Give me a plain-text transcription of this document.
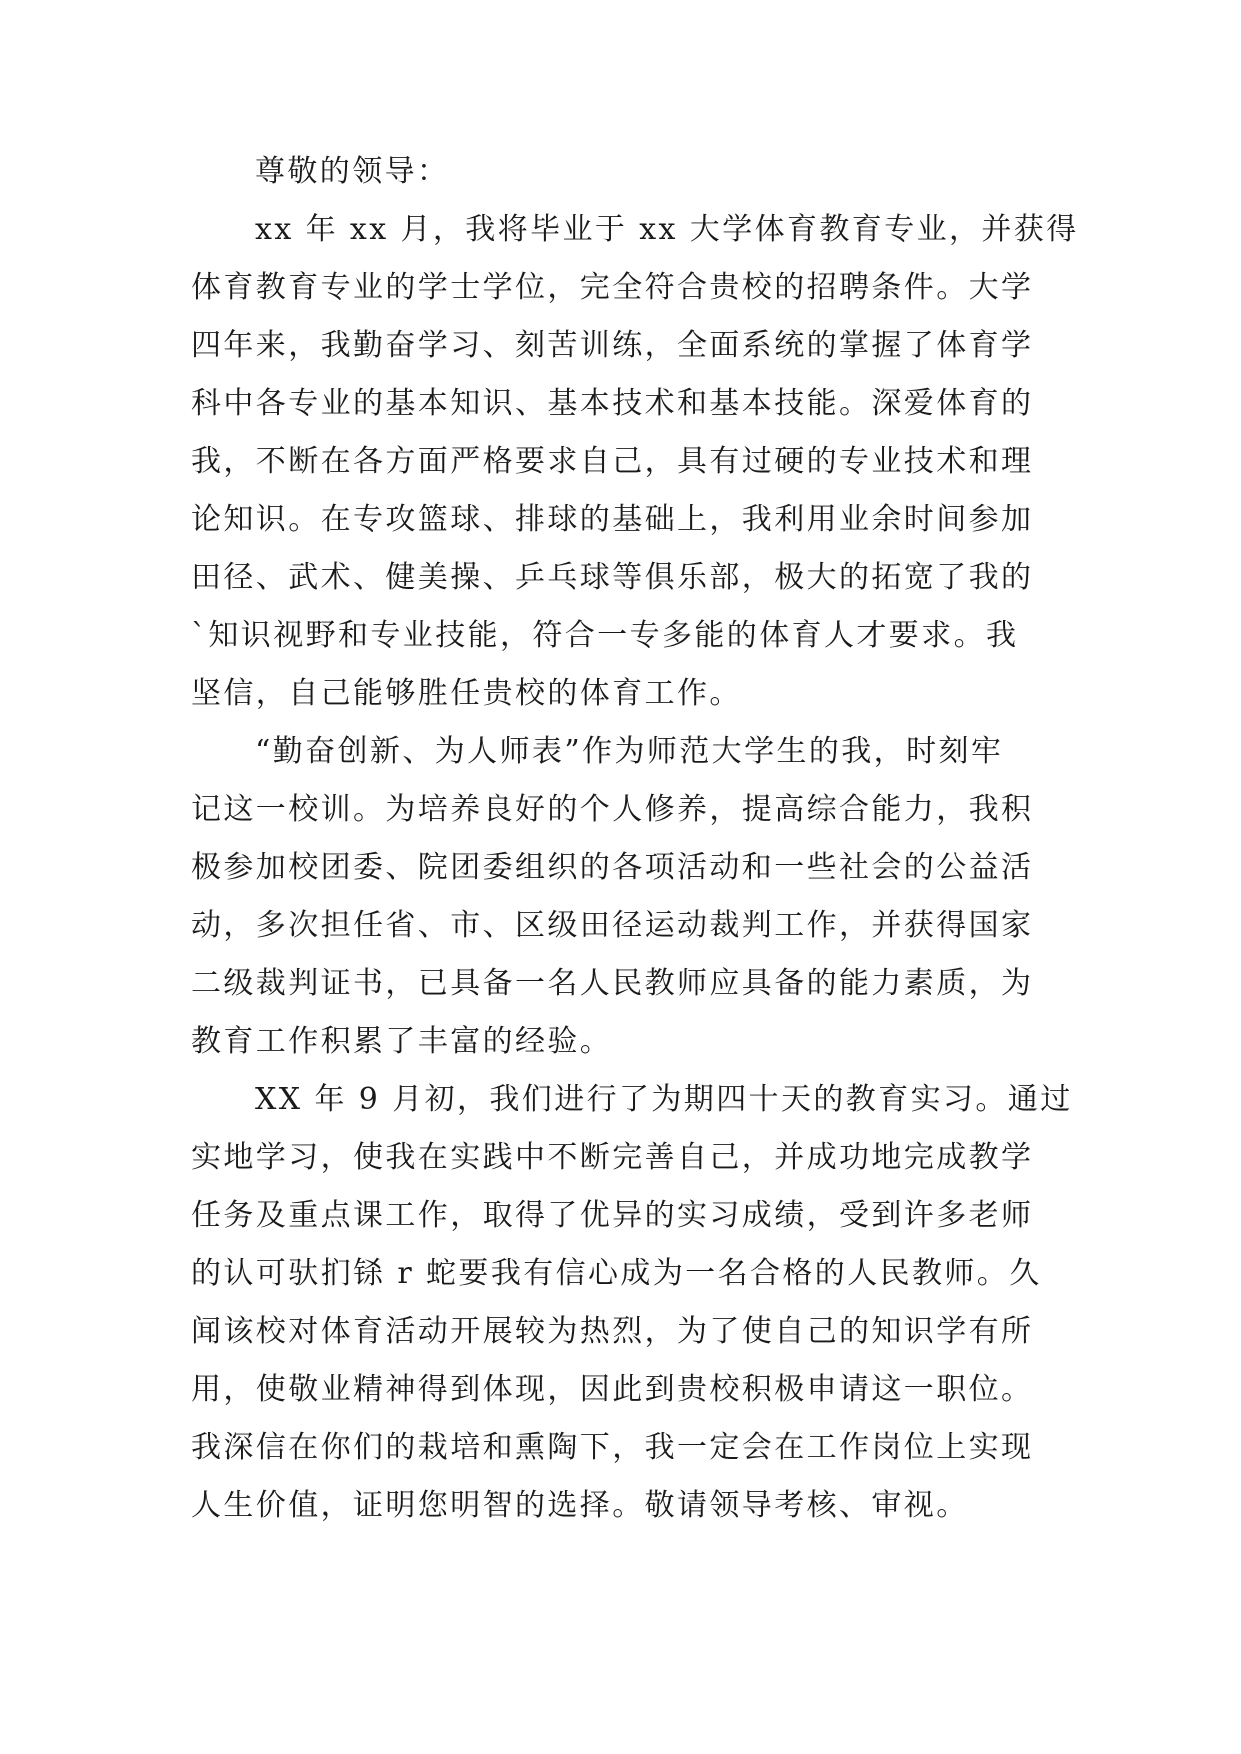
尊敬的领导：
xx 年 xx 月，我将毕业于 xx 大学体育教育专业，并获得
体育教育专业的学士学位，完全符合贵校的招聘条件。大学
四年来，我勤奋学习、刻苦训练，全面系统的掌握了体育学
科中各专业的基本知识、基本技术和基本技能。深爱体育的
我，不断在各方面严格要求自己，具有过硬的专业技术和理
论知识。在专攻篮球、排球的基础上，我利用业余时间参加
田径、武术、健美操、乒乓球等俱乐部，极大的拓宽了我的
`知识视野和专业技能，符合一专多能的体育人才要求。我
坚信，自己能够胜任贵校的体育工作。
“勤奋创新、为人师表”作为师范大学生的我，时刻牢
记这一校训。为培养良好的个人修养，提高综合能力，我积
极参加校团委、院团委组织的各项活动和一些社会的公益活
动，多次担任省、市、区级田径运动裁判工作，并获得国家
二级裁判证书，已具备一名人民教师应具备的能力素质，为
教育工作积累了丰富的经验。
XX 年 9 月初，我们进行了为期四十天的教育实习。通过
实地学习，使我在实践中不断完善自己，并成功地完成教学
任务及重点课工作，取得了优异的实习成绩，受到许多老师
的认可驮扪铩 r 蛇要我有信心成为一名合格的人民教师。久
闻该校对体育活动开展较为热烈，为了使自己的知识学有所
用，使敬业精神得到体现，因此到贵校积极申请这一职位。
我深信在你们的栽培和熏陶下，我一定会在工作岗位上实现
人生价值，证明您明智的选择。敬请领导考核、审视。
